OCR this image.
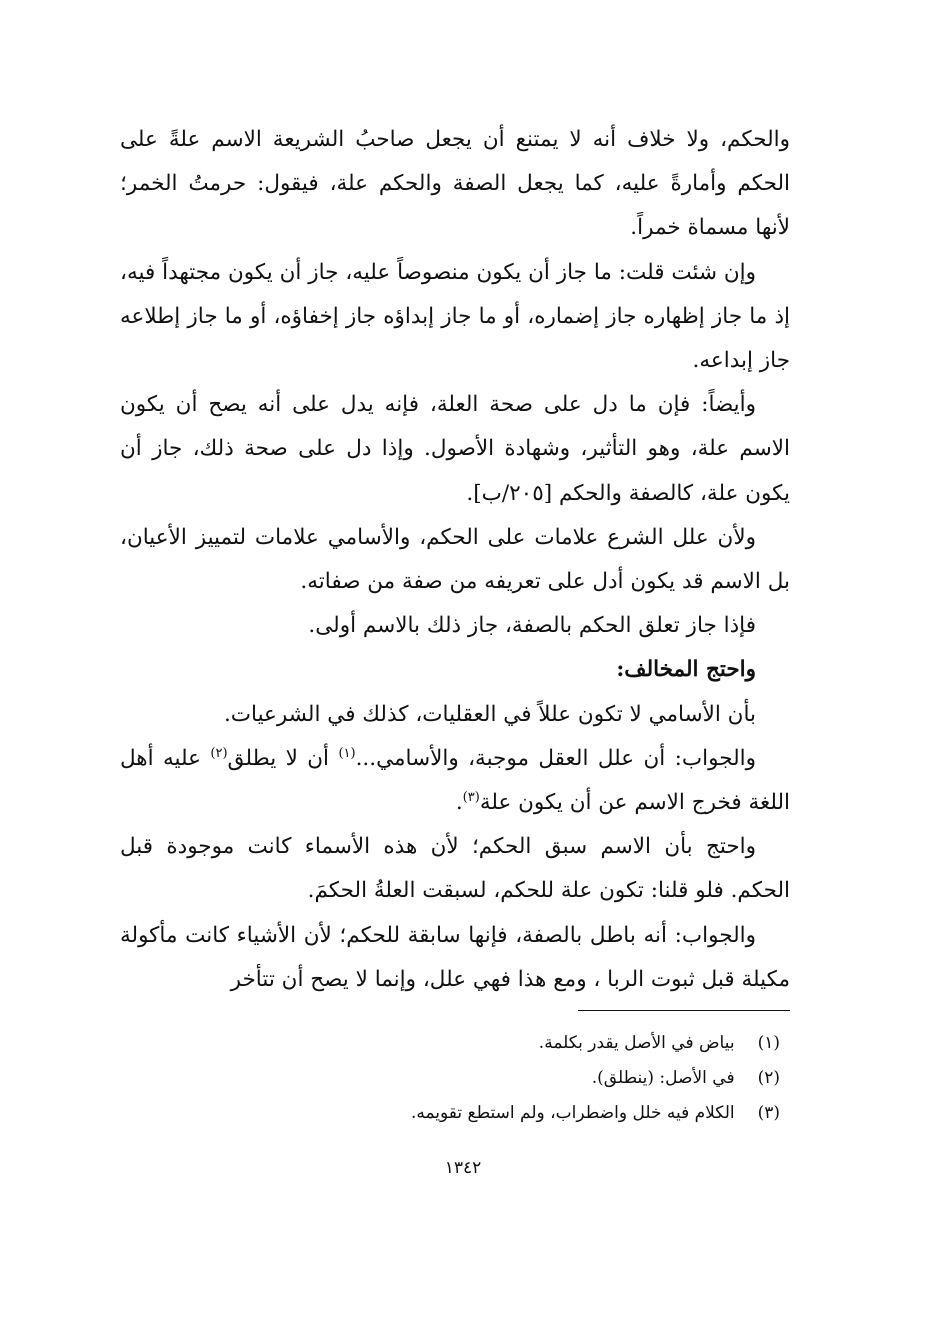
والحكم، ولا خلاف أنه لا يمتنع أن يجعل صاحبُ الشريعة الاسم علةً على الحكم وأمارةً عليه، كما يجعل الصفة والحكم علة، فيقول: حرمتُ الخمر؛ لأنها مسماة خمراً.

وإن شئت قلت: ما جاز أن يكون منصوصاً عليه، جاز أن يكون مجتهداً فيه، إذ ما جاز إظهاره جاز إضماره، أو ما جاز إبداؤه جاز إخفاؤه، أو ما جاز إطلاعه جاز إبداعه.

وأيضاً: فإن ما دل على صحة العلة، فإنه يدل على أنه يصح أن يكون الاسم علة، وهو التأثير، وشهادة الأصول. وإذا دل على صحة ذلك، جاز أن يكون علة، كالصفة والحكم [٢٠٥/ب].

ولأن علل الشرع علامات على الحكم، والأسامي علامات لتمييز الأعيان، بل الاسم قد يكون أدل على تعريفه من صفة من صفاته.

فإذا جاز تعلق الحكم بالصفة، جاز ذلك بالاسم أولى.

واحتج المخالف:

بأن الأسامي لا تكون عللاً في العقليات، كذلك في الشرعيات.

والجواب: أن علل العقل موجبة، والأسامي...$^{(١)}$ أن لا يطلق$^{(٢)}$ عليه أهل اللغة فخرج الاسم عن أن يكون علة$^{(٣)}$.

واحتج بأن الاسم سبق الحكم؛ لأن هذه الأسماء كانت موجودة قبل الحكم. فلو قلنا: تكون علة للحكم، لسبقت العلةُ الحكمَ.

والجواب: أنه باطل بالصفة، فإنها سابقة للحكم؛ لأن الأشياء كانت مأكولة مكيلة قبل ثبوت الربا ، ومع هذا فهي علل، وإنما لا يصح أن تتأخر

(١) بياض في الأصل يقدر بكلمة.

(٢) في الأصل: (ينطلق).

(٣) الكلام فيه خلل واضطراب، ولم استطع تقويمه.

١٣٤٢
